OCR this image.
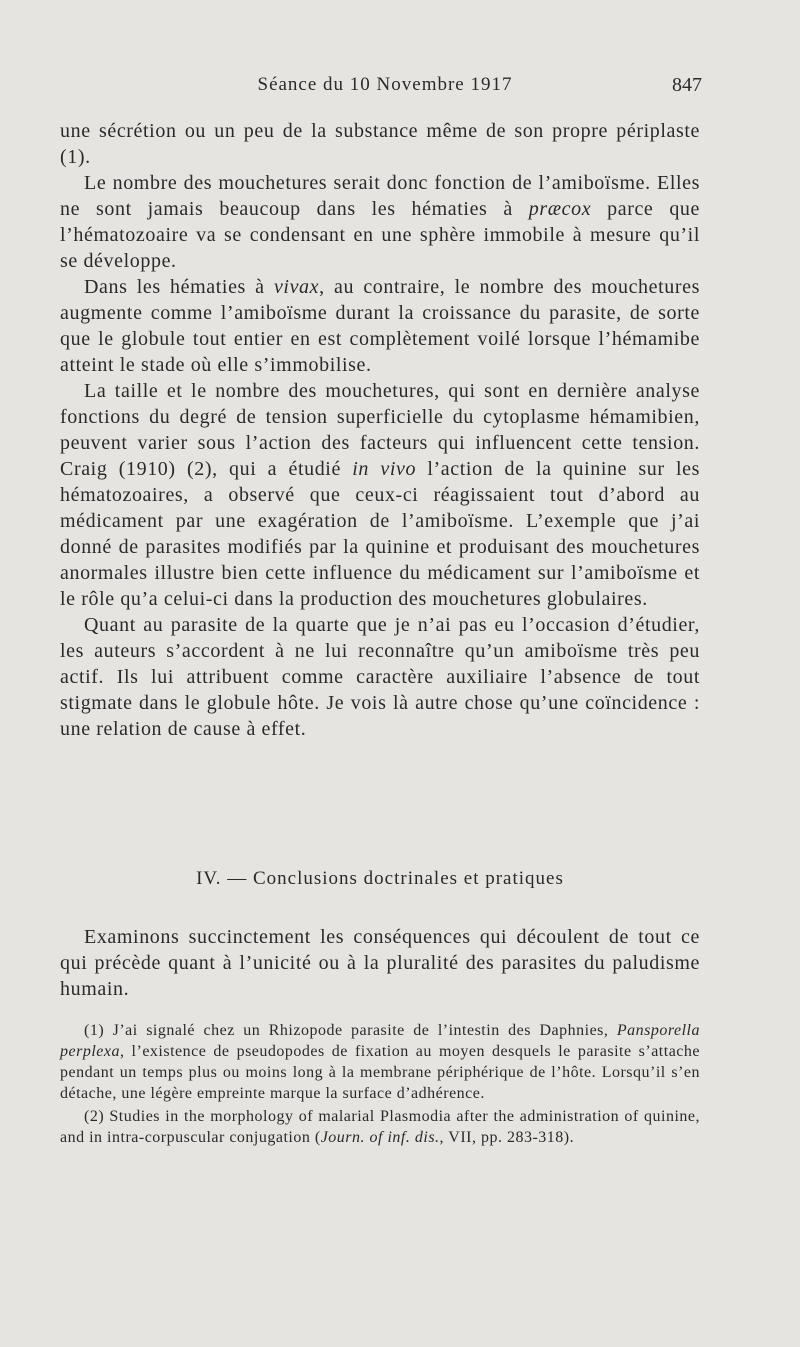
Séance du 10 Novembre 1917	847

une sécrétion ou un peu de la substance même de son propre périplaste (1).

Le nombre des mouchetures serait donc fonction de l’amiboïsme. Elles ne sont jamais beaucoup dans les hématies à præcox parce que l’hématozoaire va se condensant en une sphère immobile à mesure qu’il se développe.

Dans les hématies à vivax, au contraire, le nombre des mouchetures augmente comme l’amiboïsme durant la croissance du parasite, de sorte que le globule tout entier en est complètement voilé lorsque l’hémamibe atteint le stade où elle s’immobilise.

La taille et le nombre des mouchetures, qui sont en dernière analyse fonctions du degré de tension superficielle du cytoplasme hémamibien, peuvent varier sous l’action des facteurs qui influencent cette tension. Craig (1910) (2), qui a étudié in vivo l’action de la quinine sur les hématozoaires, a observé que ceux-ci réagissaient tout d’abord au médicament par une exagération de l’amiboïsme. L’exemple que j’ai donné de parasites modifiés par la quinine et produisant des mouchetures anormales illustre bien cette influence du médicament sur l’amiboïsme et le rôle qu’a celui-ci dans la production des mouchetures globulaires.

Quant au parasite de la quarte que je n’ai pas eu l’occasion d’étudier, les auteurs s’accordent à ne lui reconnaître qu’un amiboïsme très peu actif. Ils lui attribuent comme caractère auxiliaire l’absence de tout stigmate dans le globule hôte. Je vois là autre chose qu’une coïncidence : une relation de cause à effet.

IV. — Conclusions doctrinales et pratiques

Examinons succinctement les conséquences qui découlent de tout ce qui précède quant à l’unicité ou à la pluralité des parasites du paludisme humain.

(1) J’ai signalé chez un Rhizopode parasite de l’intestin des Daphnies, Pansporella perplexa, l’existence de pseudopodes de fixation au moyen desquels le parasite s’attache pendant un temps plus ou moins long à la membrane périphérique de l’hôte. Lorsqu’il s’en détache, une légère empreinte marque la surface d’adhérence.

(2) Studies in the morphology of malarial Plasmodia after the administration of quinine, and in intra-corpuscular conjugation (Journ. of inf. dis., VII, pp. 283-318).
